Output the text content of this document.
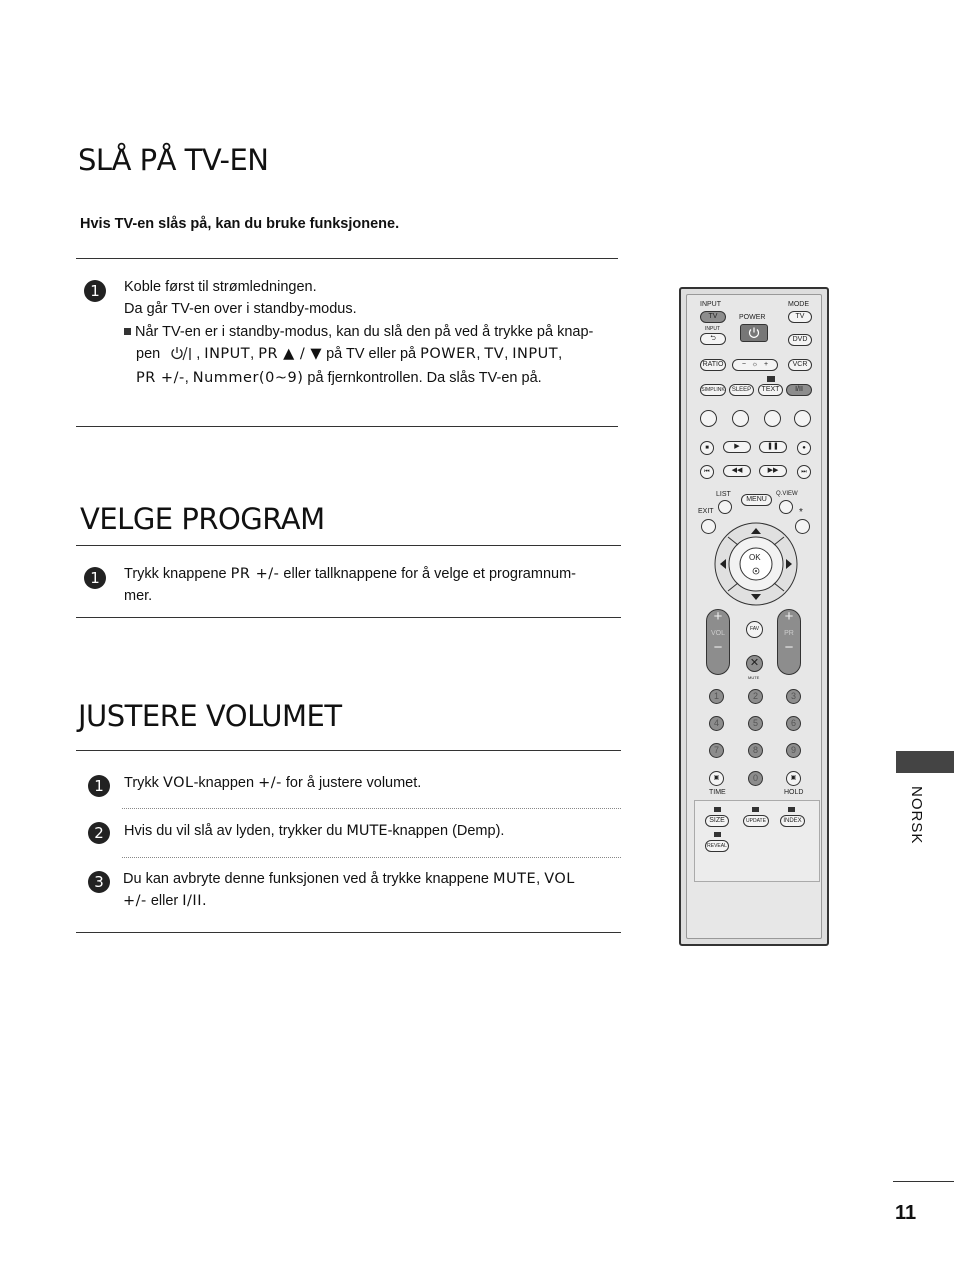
SLÅ PÅ TV-EN
Hvis TV-en slås på, kan du bruke funksjonene.
1	Koble først til strømledningen.
Da går TV-en over i standby-modus.
Når TV-en er i standby-modus, kan du slå den på ved å trykke på knap-
pen , INPUT, PR ▲ / ▼ på TV eller på POWER, TV, INPUT,
PR +/-, Nummer(0~9) på fjernkontrollen. Da slås TV-en på.
VELGE PROGRAM
1	Trykk knappene PR +/- eller tallknappene for å velge et programnum-
mer.
JUSTERE VOLUMET
1	Trykk VOL-knappen +/- for å justere volumet.
2	Hvis du vil slå av lyden, trykker du MUTE-knappen (Demp).
3	Du kan avbryte denne funksjonen ved å trykke knappene MUTE, VOL
+/- eller I/II.
INPUT	MODE
POWER
TV	TV
INPUT
⮌	DVD
RATIO	−   ☼   +	VCR
SIMPLINK	SLEEP	TEXT	I/II
■	▶	❚❚	●
⏮	◀◀	▶▶	⏭
LIST	Q.VIEW
MENU
EXIT	*
OK
+
VOL
−
+
PR
−
FAV
✕
MUTE
1	2	3
4	5	6
7	8	9
0
▣	▣
TIME	HOLD
SIZE	UPDATE	INDEX
REVEAL
NORSK
11
